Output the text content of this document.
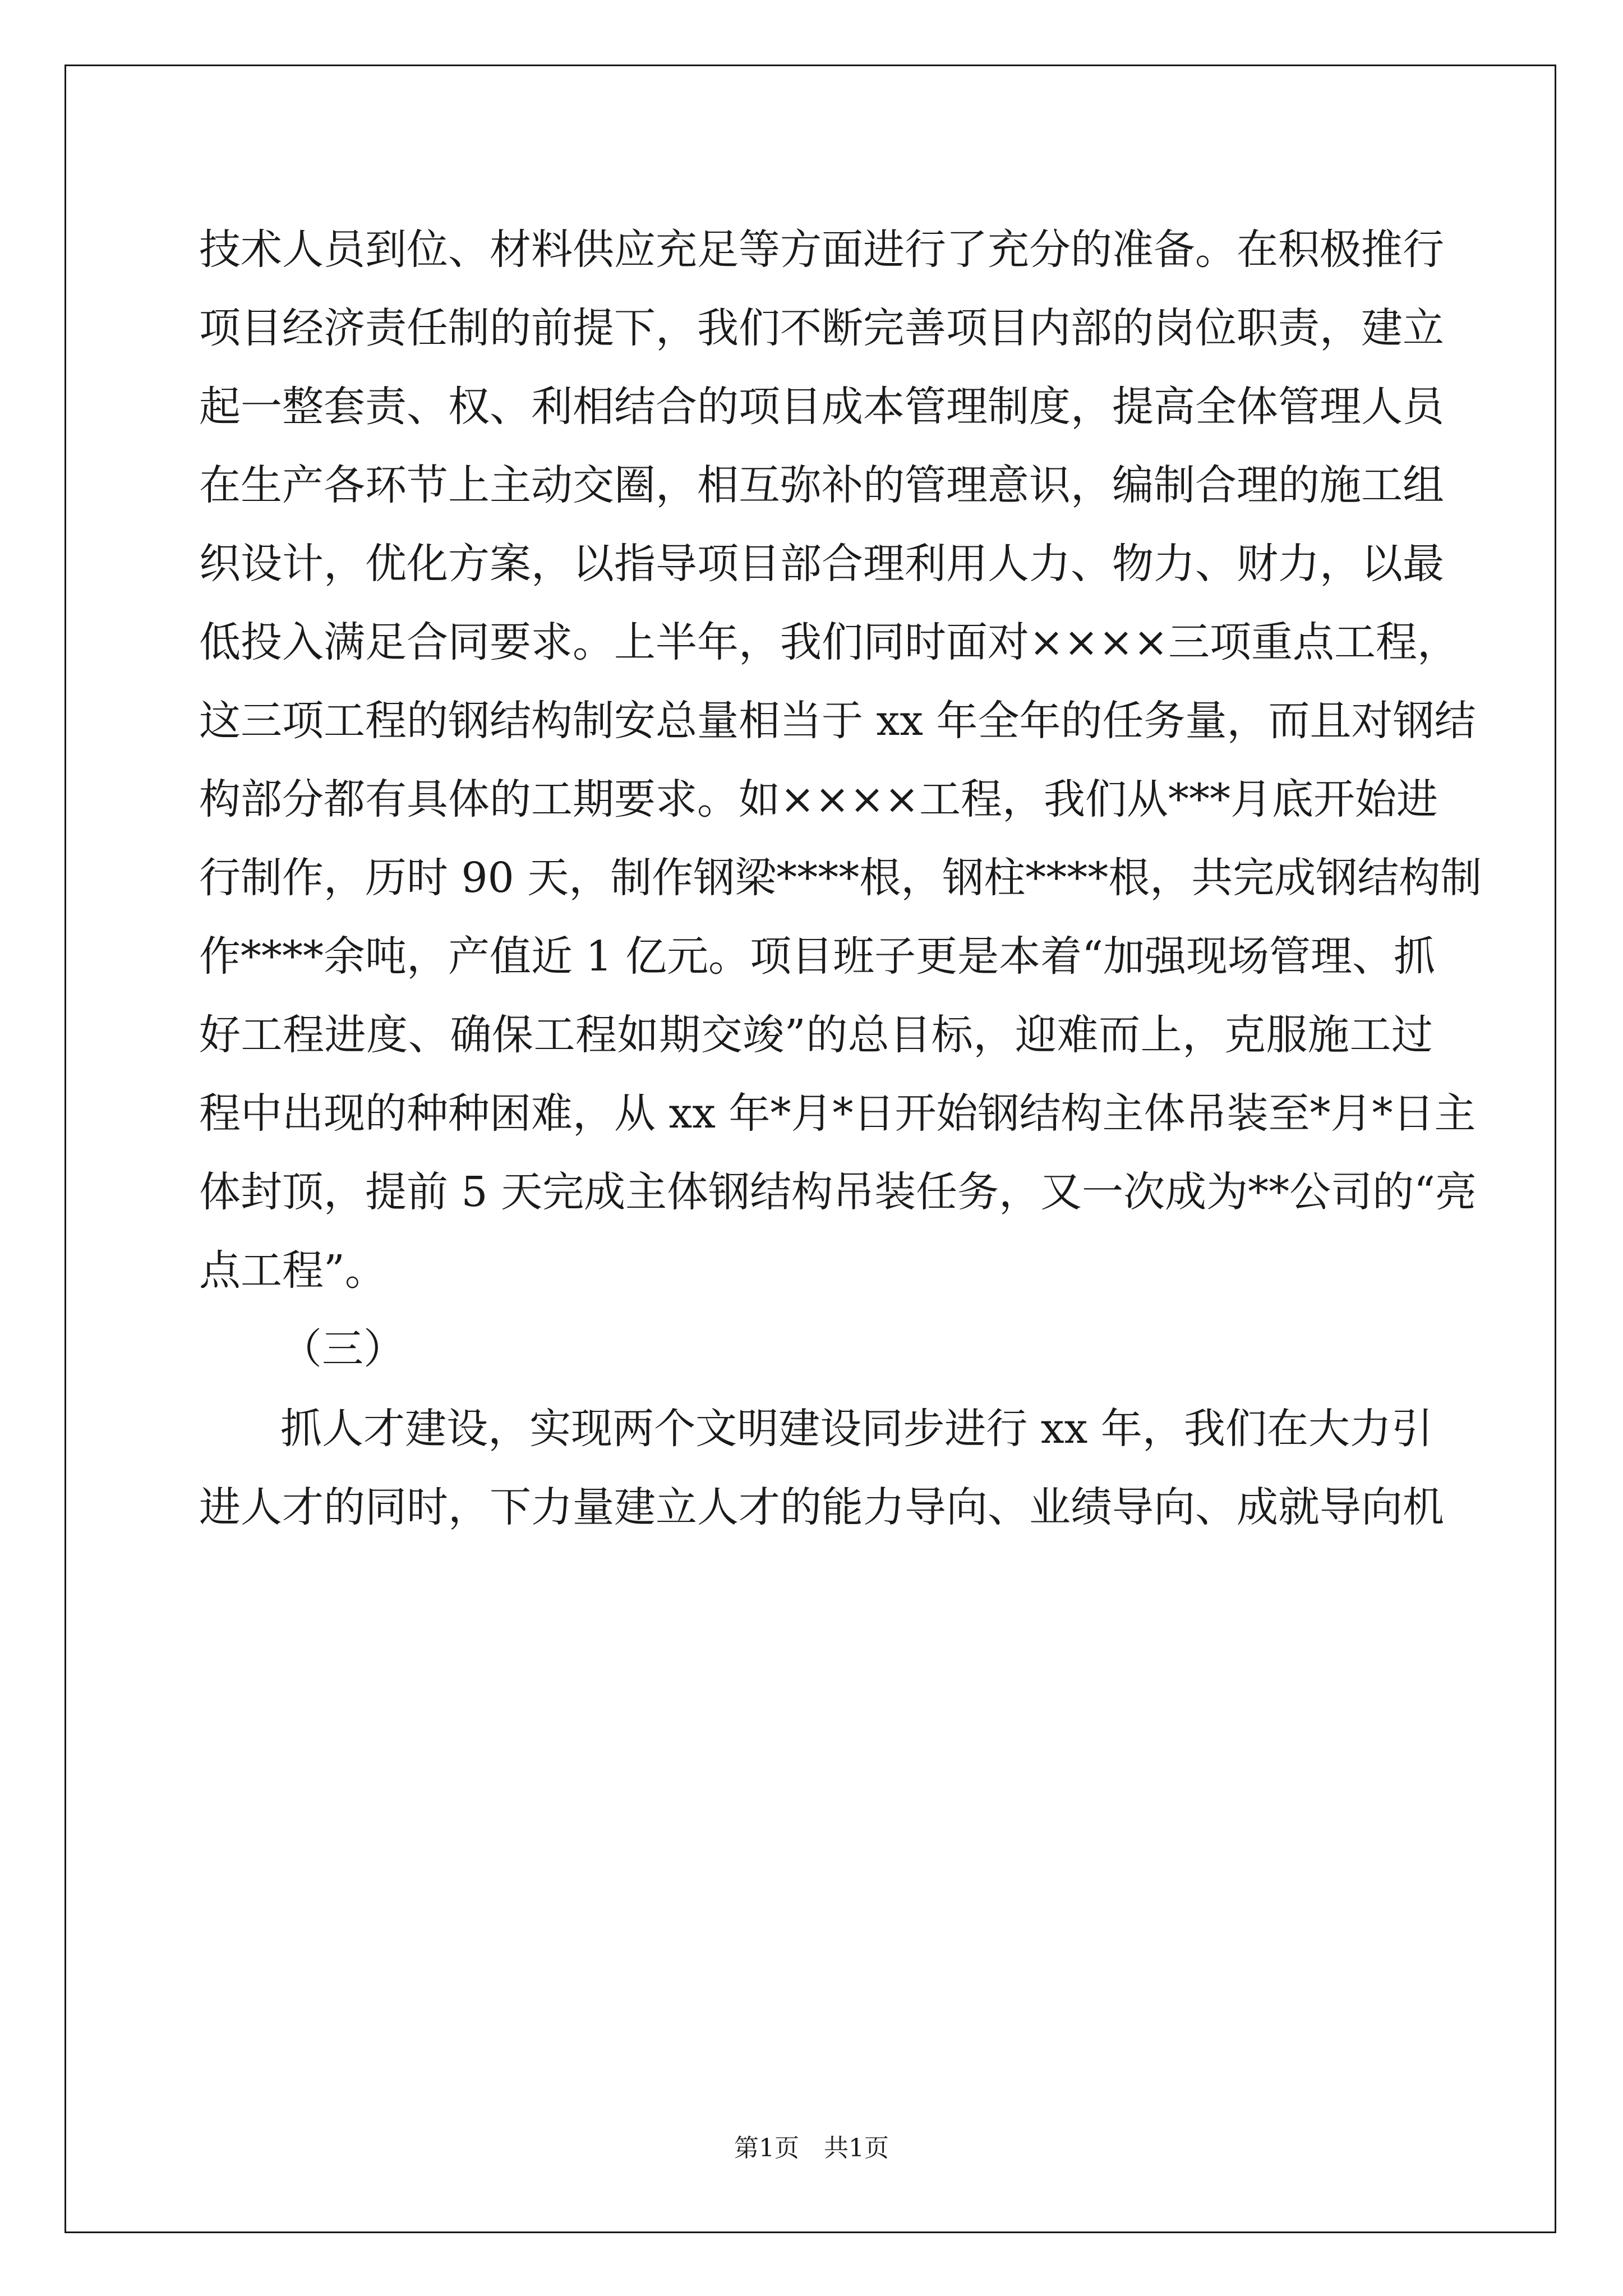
技术人员到位、材料供应充足等方面进行了充分的准备。在积极推行
项目经济责任制的前提下，我们不断完善项目内部的岗位职责，建立
起一整套责、权、利相结合的项目成本管理制度，提高全体管理人员
在生产各环节上主动交圈，相互弥补的管理意识，编制合理的施工组
织设计，优化方案，以指导项目部合理利用人力、物力、财力，以最
低投入满足合同要求。上半年，我们同时面对××××三项重点工程，
这三项工程的钢结构制安总量相当于 xx 年全年的任务量，而且对钢结
构部分都有具体的工期要求。如××××工程，我们从***月底开始进
行制作，历时 90 天，制作钢梁****根，钢柱****根，共完成钢结构制
作****余吨，产值近 1 亿元。项目班子更是本着“加强现场管理、抓
好工程进度、确保工程如期交竣”的总目标，迎难而上，克服施工过
程中出现的种种困难，从 xx 年*月*日开始钢结构主体吊装至*月*日主
体封顶，提前 5 天完成主体钢结构吊装任务，又一次成为**公司的“亮
点工程”。
（三）
抓人才建设，实现两个文明建设同步进行 xx 年，我们在大力引
进人才的同时，下力量建立人才的能力导向、业绩导向、成就导向机
第1页　共1页
